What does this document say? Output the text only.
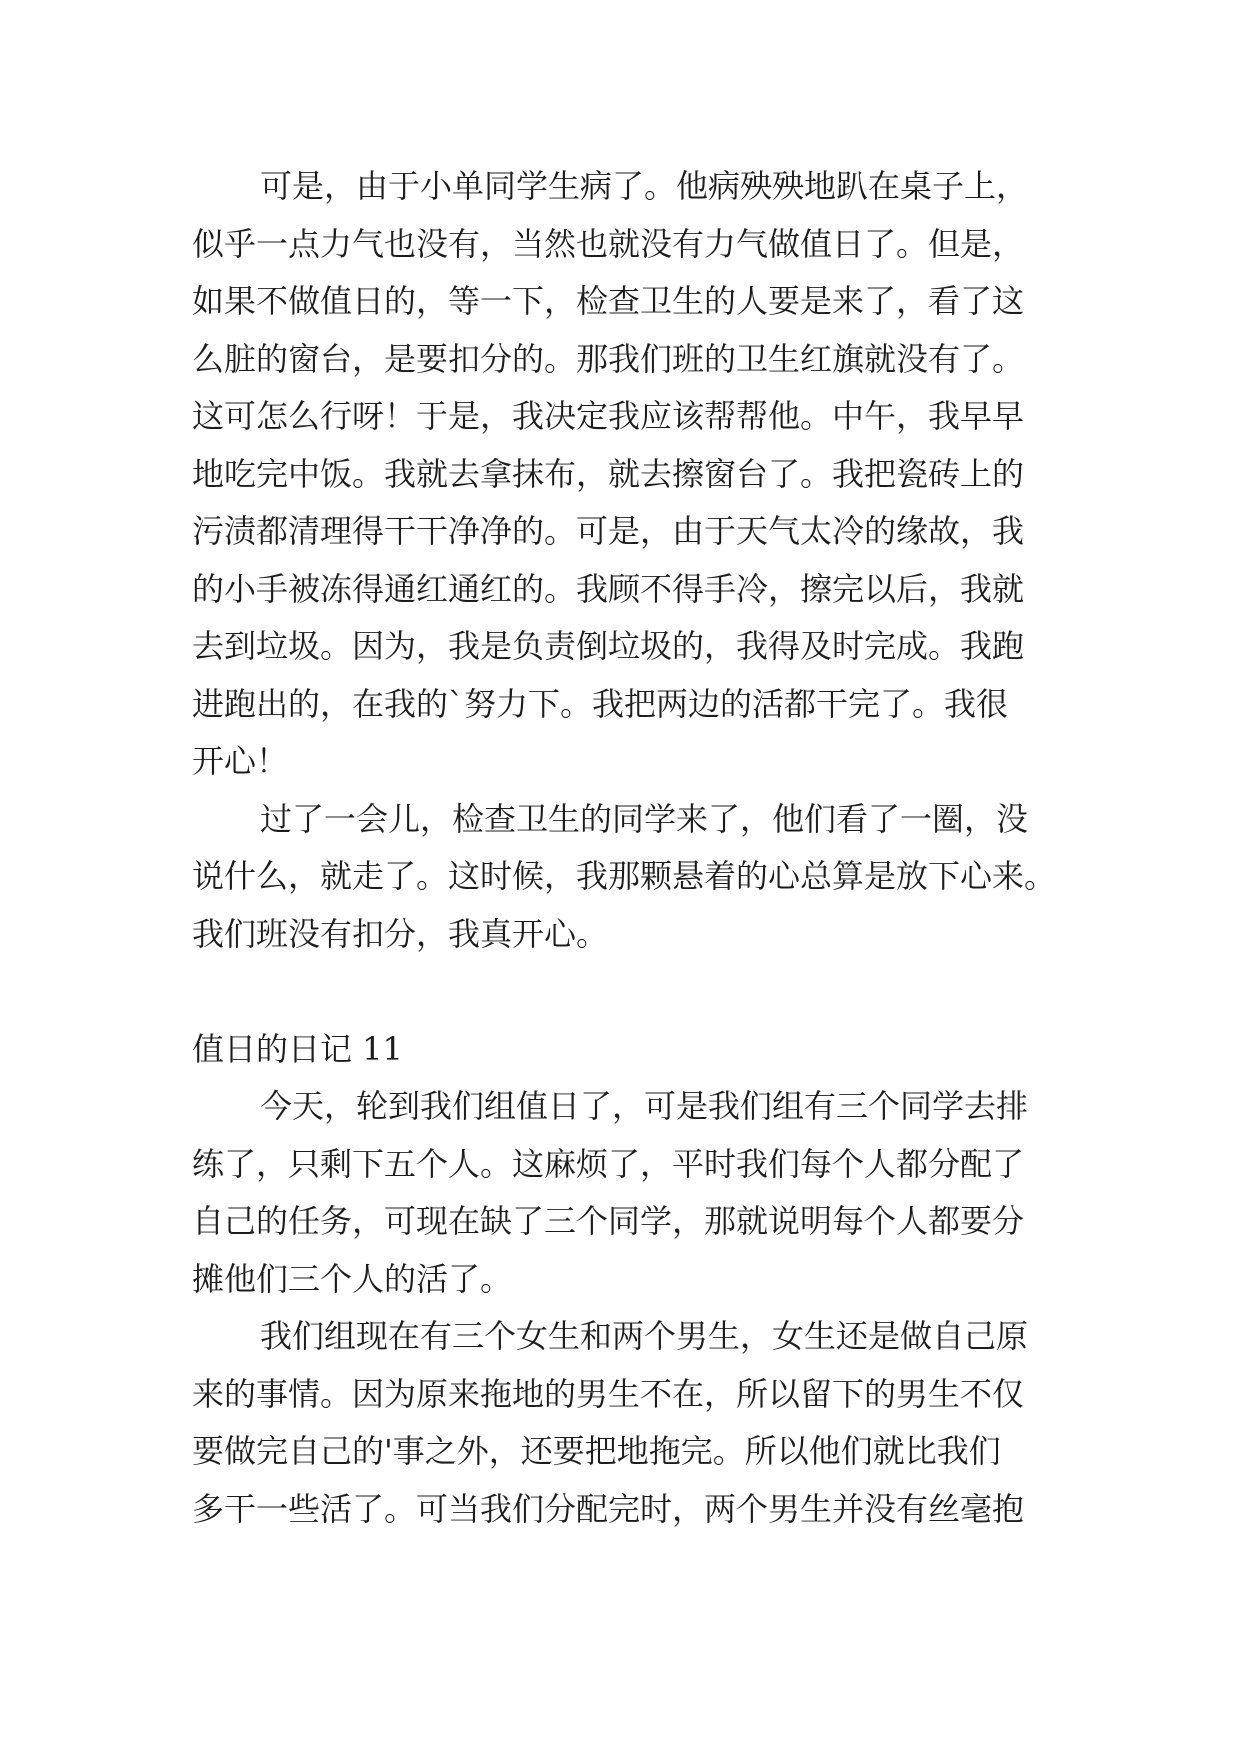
可是，由于小单同学生病了。他病殃殃地趴在桌子上，
似乎一点力气也没有，当然也就没有力气做值日了。但是，
如果不做值日的，等一下，检查卫生的人要是来了，看了这
么脏的窗台，是要扣分的。那我们班的卫生红旗就没有了。
这可怎么行呀！于是，我决定我应该帮帮他。中午，我早早
地吃完中饭。我就去拿抹布，就去擦窗台了。我把瓷砖上的
污渍都清理得干干净净的。可是，由于天气太冷的缘故，我
的小手被冻得通红通红的。我顾不得手冷，擦完以后，我就
去到垃圾。因为，我是负责倒垃圾的，我得及时完成。我跑
进跑出的，在我的`努力下。我把两边的活都干完了。我很
开心！
过了一会儿，检查卫生的同学来了，他们看了一圈，没
说什么，就走了。这时候，我那颗悬着的心总算是放下心来。
我们班没有扣分，我真开心。
值日的日记 11
今天，轮到我们组值日了，可是我们组有三个同学去排
练了，只剩下五个人。这麻烦了，平时我们每个人都分配了
自己的任务，可现在缺了三个同学，那就说明每个人都要分
摊他们三个人的活了。
我们组现在有三个女生和两个男生，女生还是做自己原
来的事情。因为原来拖地的男生不在，所以留下的男生不仅
要做完自己的'事之外，还要把地拖完。所以他们就比我们
多干一些活了。可当我们分配完时，两个男生并没有丝毫抱
